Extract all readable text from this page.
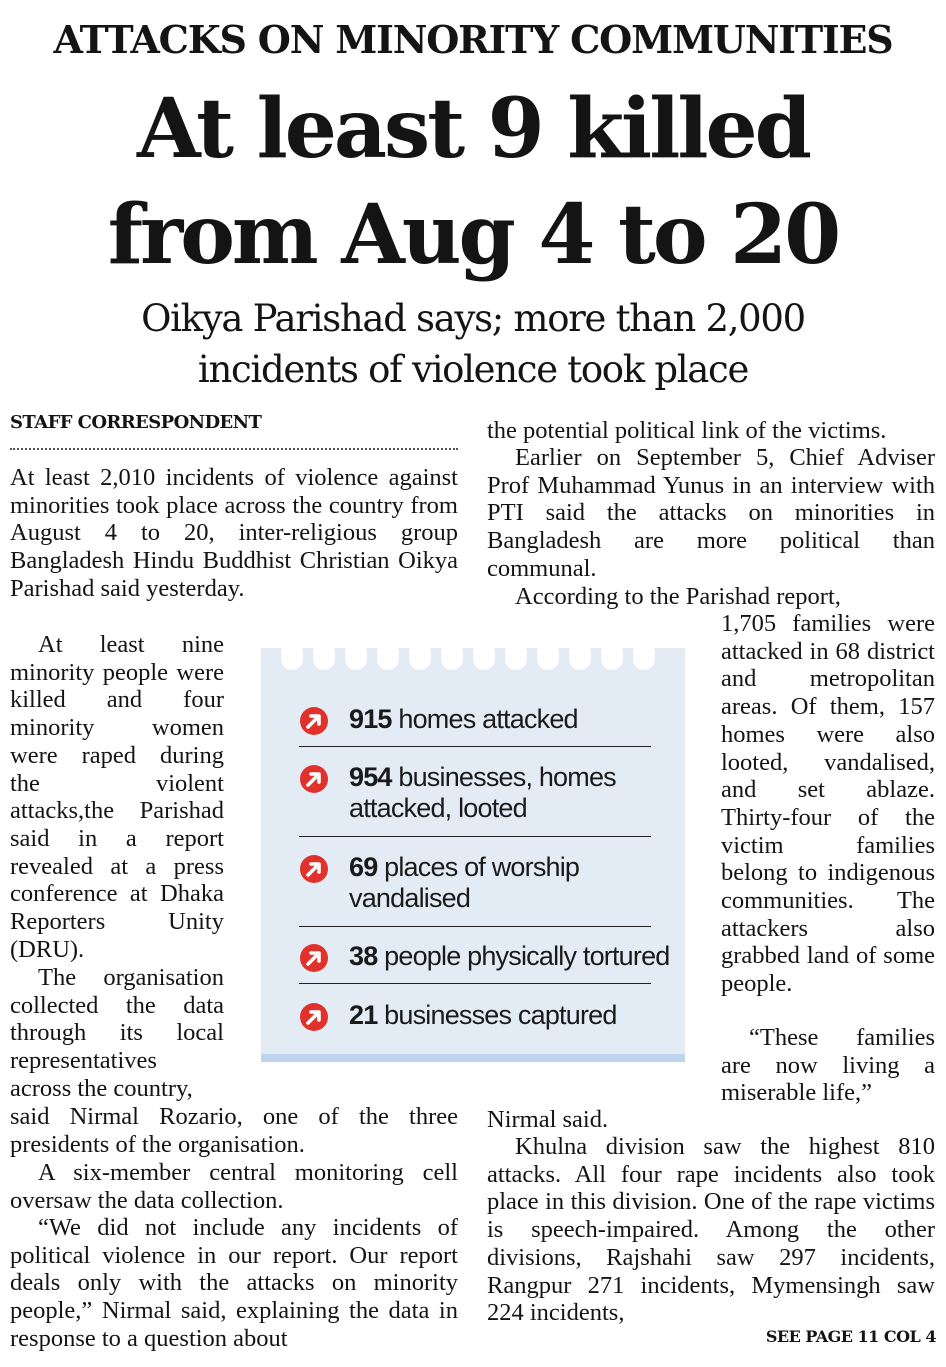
ATTACKS ON MINORITY COMMUNITIES
At least 9 killed
from Aug 4 to 20
Oikya Parishad says; more than 2,000
incidents of violence took place
STAFF CORRESPONDENT

At least 2,010 incidents of violence against minorities took place across the country from August 4 to 20, inter-religious group Bangladesh Hindu Buddhist Christian Oikya Parishad said yesterday.

At least nine minority people were killed and four minority women were raped during the violent attacks,the Parishad said in a report revealed at a press conference at Dhaka Reporters Unity (DRU).

The organisation collected the data through its local representatives across the country,

said Nirmal Rozario, one of the three presidents of the organisation.

A six-member central monitoring cell oversaw the data collection.

“We did not include any incidents of political violence in our report. Our report deals only with the attacks on minority people,” Nirmal said, explaining the data in response to a question about

the potential political link of the victims.

Earlier on September 5, Chief Adviser Prof Muhammad Yunus in an interview with PTI said the attacks on minorities in Bangladesh are more political than communal.

According to the Parishad report,

1,705 families were attacked in 68 district and metropolitan areas. Of them, 157 homes were also looted, vandalised, and set ablaze. Thirty-four of the victim families belong to indigenous communities. The attackers also grabbed land of some people.

“These families are now living a miserable life,”

Nirmal said.

Khulna division saw the highest 810 attacks. All four rape incidents also took place in this division. One of the rape victims is speech-impaired. Among the other divisions, Rajshahi saw 297 incidents, Rangpur 271 incidents, Mymensingh saw 224 incidents,

SEE PAGE 11 COL 4
915 homes attacked
954 businesses, homes attacked, looted
69 places of worship vandalised
38 people physically tortured
21 businesses captured
